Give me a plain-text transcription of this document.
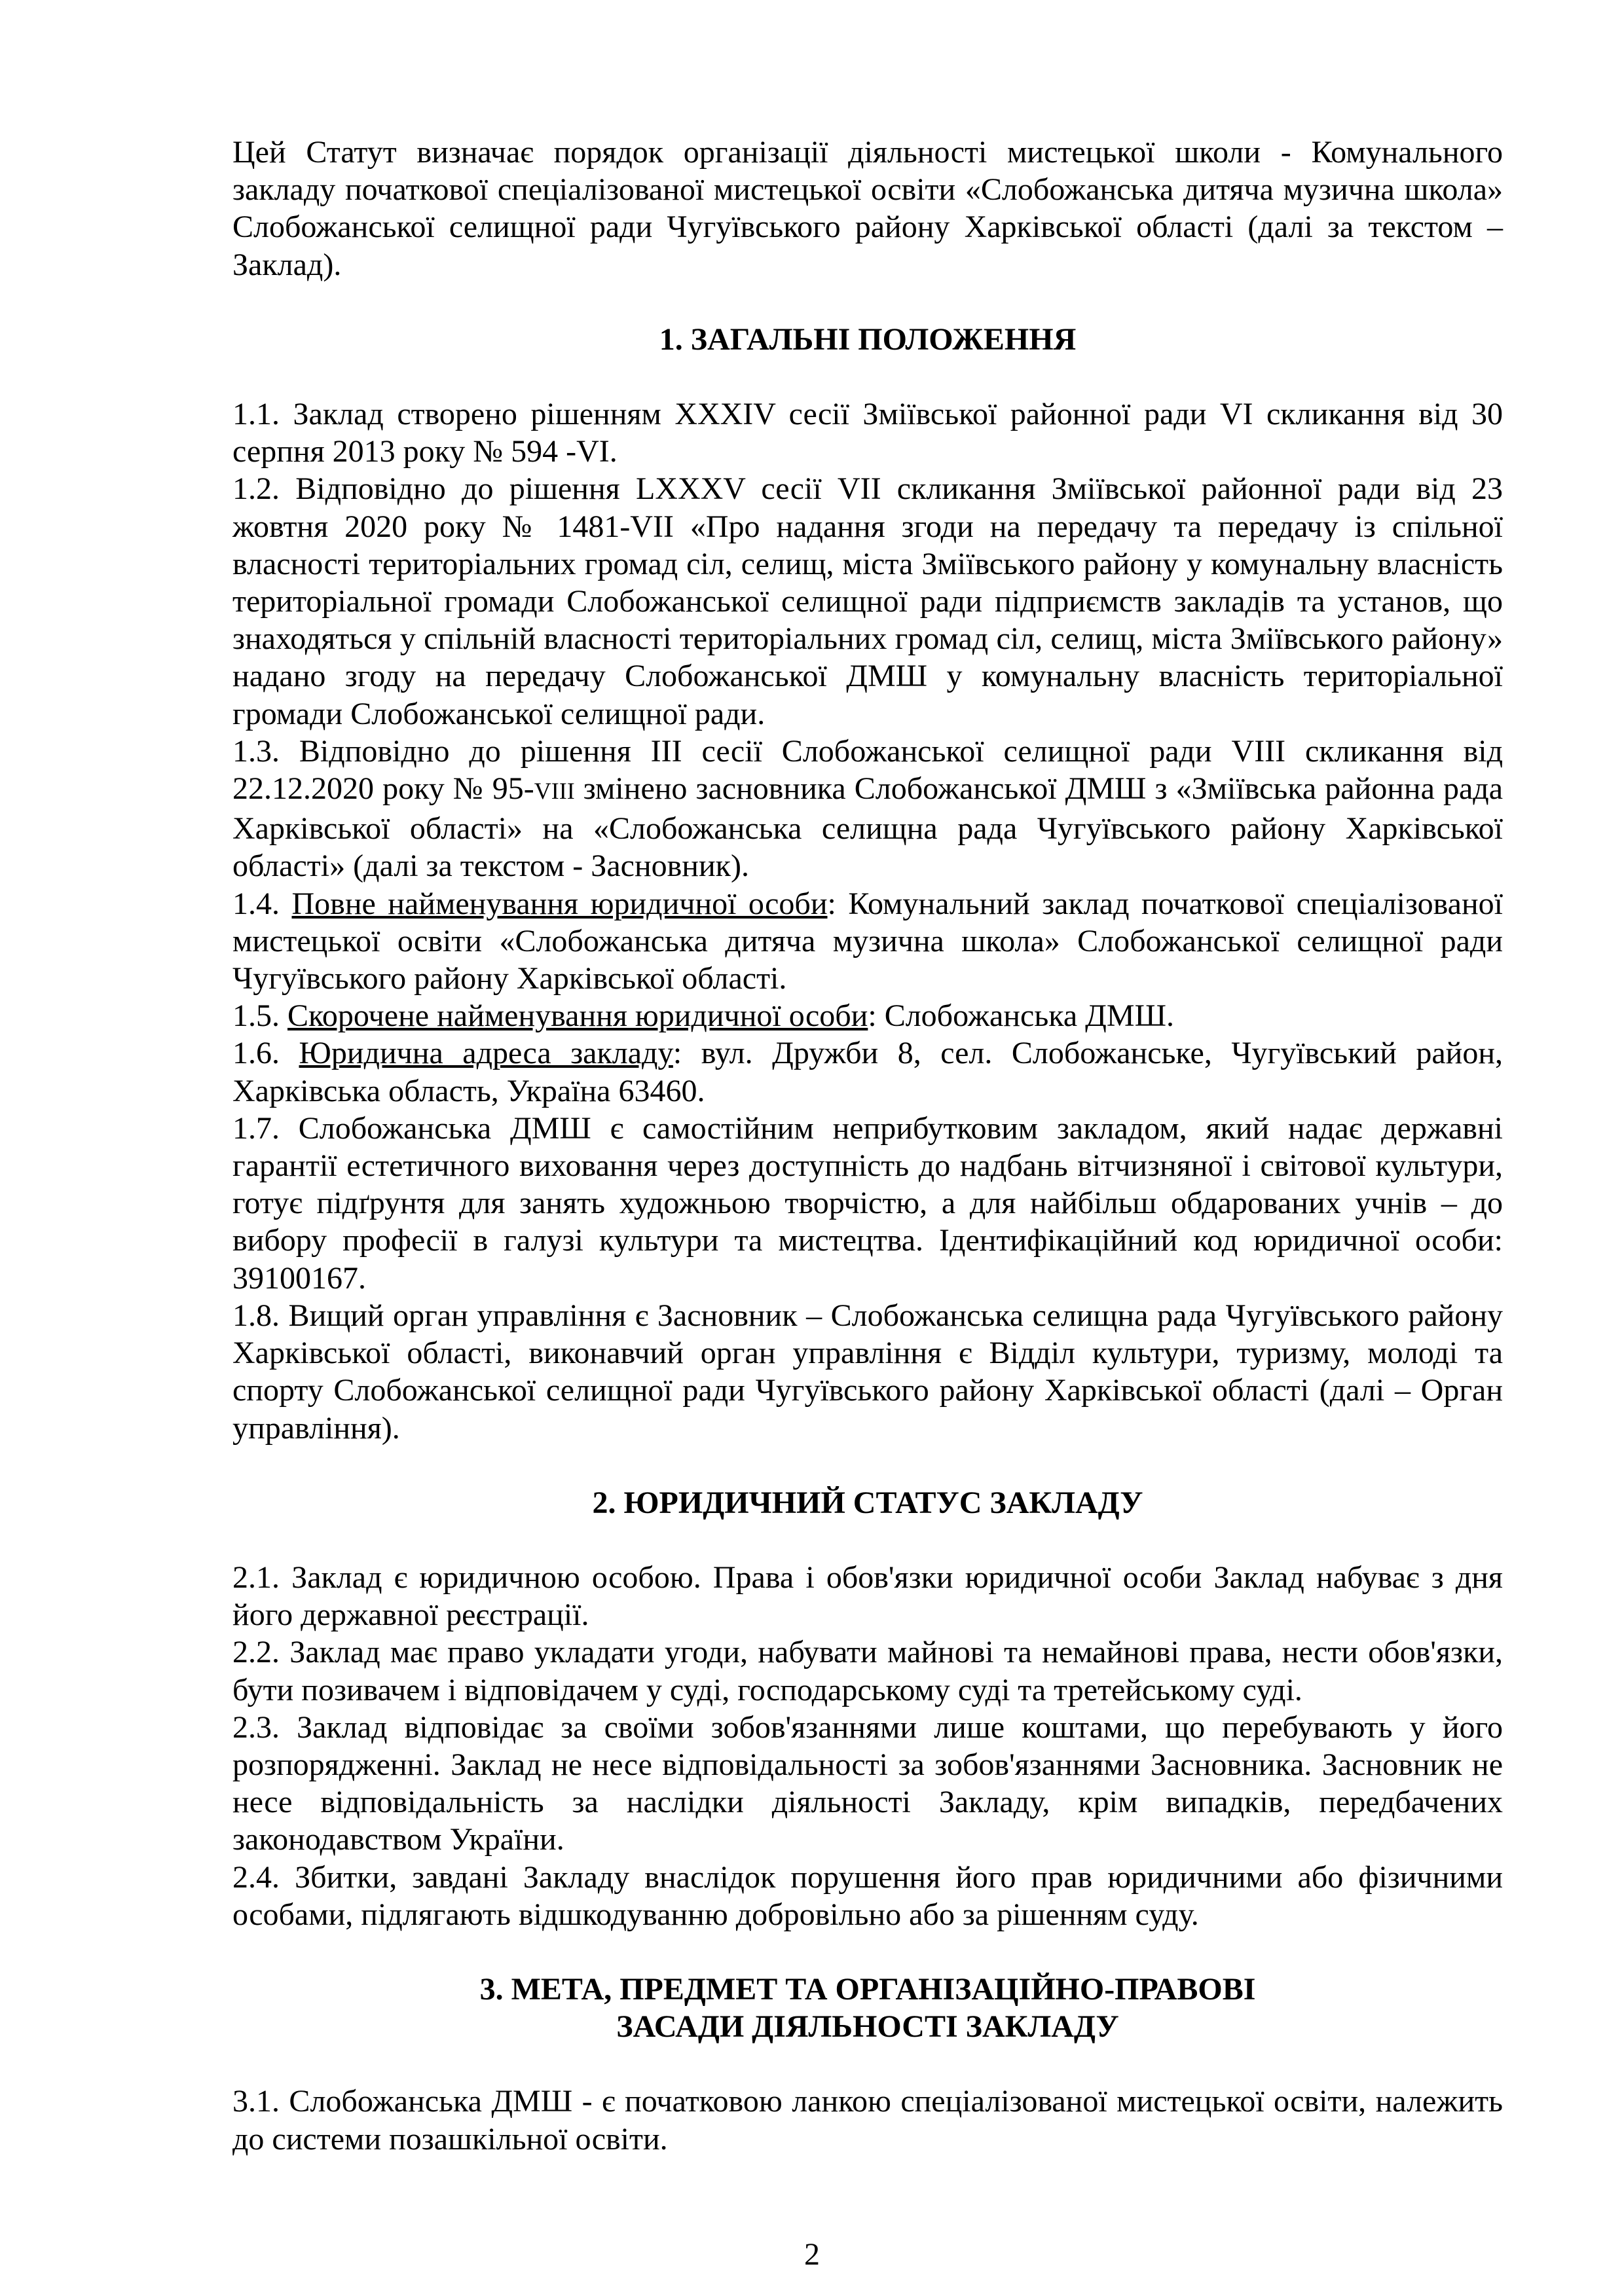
Цей Статут визначає порядок організації діяльності мистецької школи - Комунального закладу початкової спеціалізованої мистецької освіти «Слобожанська дитяча музична школа» Слобожанської селищної ради Чугуївського району Харківської області (далі за текстом – Заклад).

1. ЗАГАЛЬНІ ПОЛОЖЕННЯ

1.1. Заклад створено рішенням XXXIV сесії Зміївської районної ради VI скликання від 30 серпня 2013 року № 594 -VI.

1.2. Відповідно до рішення LXXXV сесії VII скликання Зміївської районної ради від 23 жовтня 2020 року № 1481-VII «Про надання згоди на передачу та передачу із спільної власності територіальних громад сіл, селищ, міста Зміївського району у комунальну власність територіальної громади Слобожанської селищної ради підприємств закладів та установ, що знаходяться у спільній власності територіальних громад сіл, селищ, міста Зміївського району» надано згоду на передачу Слобожанської ДМШ у комунальну власність територіальної громади Слобожанської селищної ради.

1.3. Відповідно до рішення III сесії Слобожанської селищної ради VIII скликання від 22.12.2020 року № 95-VIII змінено засновника Слобожанської ДМШ з «Зміївська районна рада Харківської області» на «Слобожанська селищна рада Чугуївського району Харківської області» (далі за текстом - Засновник).

1.4. Повне найменування юридичної особи: Комунальний заклад початкової спеціалізованої мистецької освіти «Слобожанська дитяча музична школа» Слобожанської селищної ради Чугуївського району Харківської області.

1.5. Скорочене найменування юридичної особи: Слобожанська ДМШ.

1.6. Юридична адреса закладу: вул. Дружби 8, сел. Слобожанське, Чугуївський район, Харківська область, Україна 63460.

1.7. Слобожанська ДМШ є самостійним неприбутковим закладом, який надає державні гарантії естетичного виховання через доступність до надбань вітчизняної і світової культури, готує підґрунтя для занять художньою творчістю, а для найбільш обдарованих учнів – до вибору професії в галузі культури та мистецтва. Ідентифікаційний код юридичної особи: 39100167.

1.8. Вищий орган управління є Засновник – Слобожанська селищна рада Чугуївського району Харківської області, виконавчий орган управління є Відділ культури, туризму, молоді та спорту Слобожанської селищної ради Чугуївського району Харківської області (далі – Орган управління).

2. ЮРИДИЧНИЙ СТАТУС ЗАКЛАДУ

2.1. Заклад є юридичною особою. Права і обов'язки юридичної особи Заклад набуває з дня його державної реєстрації.

2.2. Заклад має право укладати угоди, набувати майнові та немайнові права, нести обов'язки, бути позивачем і відповідачем у суді, господарському суді та третейському суді.

2.3. Заклад відповідає за своїми зобов'язаннями лише коштами, що перебувають у його розпорядженні. Заклад не несе відповідальності за зобов'язаннями Засновника. Засновник не несе відповідальність за наслідки діяльності Закладу, крім випадків, передбачених законодавством України.

2.4. Збитки, завдані Закладу внаслідок порушення його прав юридичними або фізичними особами, підлягають відшкодуванню добровільно або за рішенням суду.

3. МЕТА, ПРЕДМЕТ ТА ОРГАНІЗАЦІЙНО-ПРАВОВІ

ЗАСАДИ ДІЯЛЬНОСТІ ЗАКЛАДУ

3.1. Слобожанська ДМШ - є початковою ланкою спеціалізованої мистецької освіти, належить до системи позашкільної освіти.

2
